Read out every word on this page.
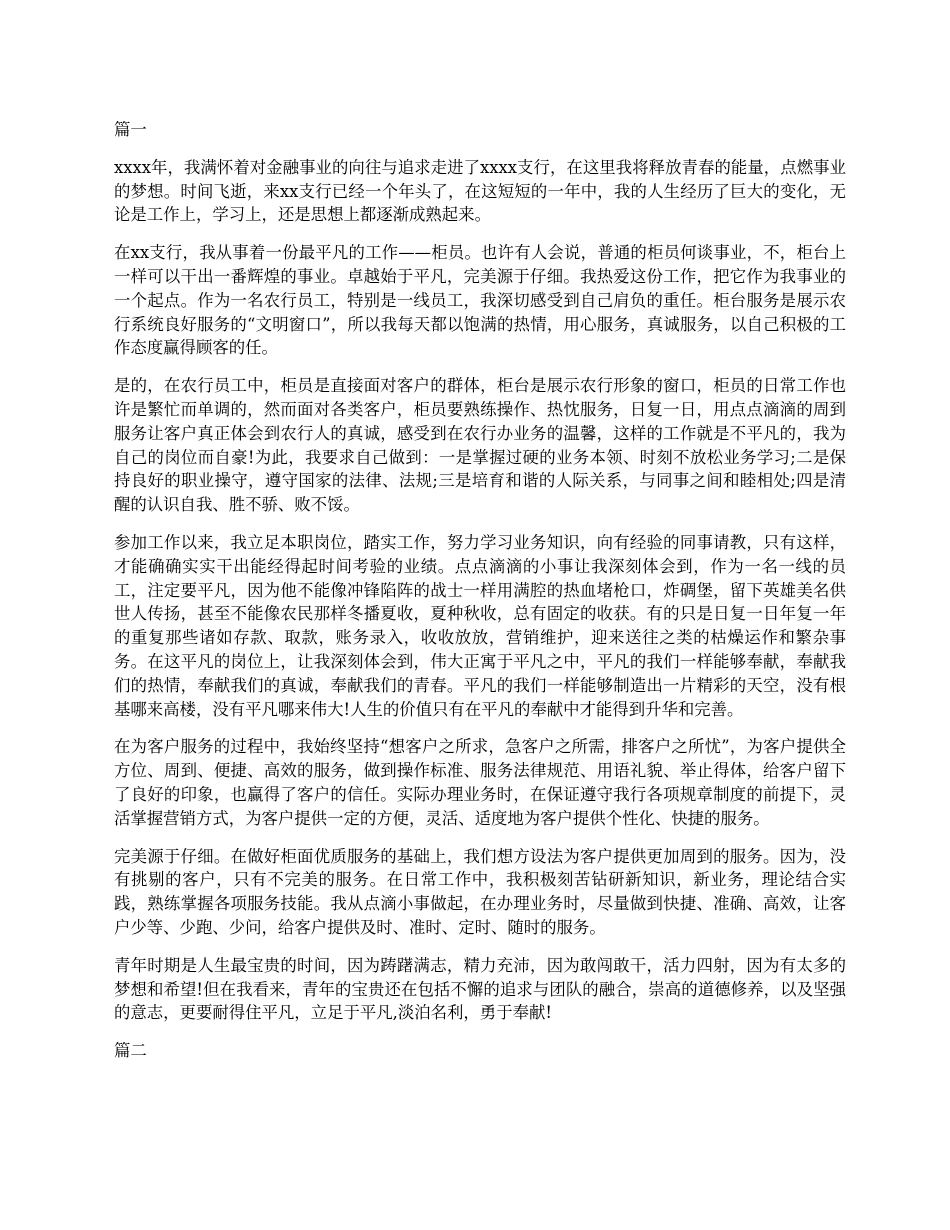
篇一

xxxx年，我满怀着对金融事业的向往与追求走进了xxxx支行，在这里我将释放青春的能量，点燃事业的梦想。时间飞逝，来xx支行已经一个年头了，在这短短的一年中，我的人生经历了巨大的变化，无论是工作上，学习上，还是思想上都逐渐成熟起来。

在xx支行，我从事着一份最平凡的工作——柜员。也许有人会说，普通的柜员何谈事业，不，柜台上一样可以干出一番辉煌的事业。卓越始于平凡，完美源于仔细。我热爱这份工作，把它作为我事业的一个起点。作为一名农行员工，特别是一线员工，我深切感受到自己肩负的重任。柜台服务是展示农行系统良好服务的“文明窗口”，所以我每天都以饱满的热情，用心服务，真诚服务，以自己积极的工作态度赢得顾客的任。

是的，在农行员工中，柜员是直接面对客户的群体，柜台是展示农行形象的窗口，柜员的日常工作也许是繁忙而单调的，然而面对各类客户，柜员要熟练操作、热忱服务，日复一日，用点点滴滴的周到服务让客户真正体会到农行人的真诚，感受到在农行办业务的温馨，这样的工作就是不平凡的，我为自己的岗位而自豪!为此，我要求自己做到：一是掌握过硬的业务本领、时刻不放松业务学习;二是保持良好的职业操守，遵守国家的法律、法规;三是培育和谐的人际关系，与同事之间和睦相处;四是清醒的认识自我、胜不骄、败不馁。

参加工作以来，我立足本职岗位，踏实工作，努力学习业务知识，向有经验的同事请教，只有这样，才能确确实实干出能经得起时间考验的业绩。点点滴滴的小事让我深刻体会到，作为一名一线的员工，注定要平凡，因为他不能像冲锋陷阵的战士一样用满腔的热血堵枪口，炸碉堡，留下英雄美名供世人传扬，甚至不能像农民那样冬播夏收，夏种秋收，总有固定的收获。有的只是日复一日年复一年的重复那些诸如存款、取款，账务录入，收收放放，营销维护，迎来送往之类的枯燥运作和繁杂事务。在这平凡的岗位上，让我深刻体会到，伟大正寓于平凡之中，平凡的我们一样能够奉献，奉献我们的热情，奉献我们的真诚，奉献我们的青春。平凡的我们一样能够制造出一片精彩的天空，没有根基哪来高楼，没有平凡哪来伟大!人生的价值只有在平凡的奉献中才能得到升华和完善。

在为客户服务的过程中，我始终坚持“想客户之所求，急客户之所需，排客户之所忧”，为客户提供全方位、周到、便捷、高效的服务，做到操作标准、服务法律规范、用语礼貌、举止得体，给客户留下了良好的印象，也赢得了客户的信任。实际办理业务时，在保证遵守我行各项规章制度的前提下，灵活掌握营销方式，为客户提供一定的方便，灵活、适度地为客户提供个性化、快捷的服务。

完美源于仔细。在做好柜面优质服务的基础上，我们想方设法为客户提供更加周到的服务。因为，没有挑剔的客户，只有不完美的服务。在日常工作中，我积极刻苦钻研新知识，新业务，理论结合实践，熟练掌握各项服务技能。我从点滴小事做起，在办理业务时，尽量做到快捷、准确、高效，让客户少等、少跑、少问，给客户提供及时、准时、定时、随时的服务。

青年时期是人生最宝贵的时间，因为踌躇满志，精力充沛，因为敢闯敢干，活力四射，因为有太多的梦想和希望!但在我看来，青年的宝贵还在包括不懈的追求与团队的融合，崇高的道德修养，以及坚强的意志，更要耐得住平凡，立足于平凡,淡泊名利，勇于奉献!

篇二
